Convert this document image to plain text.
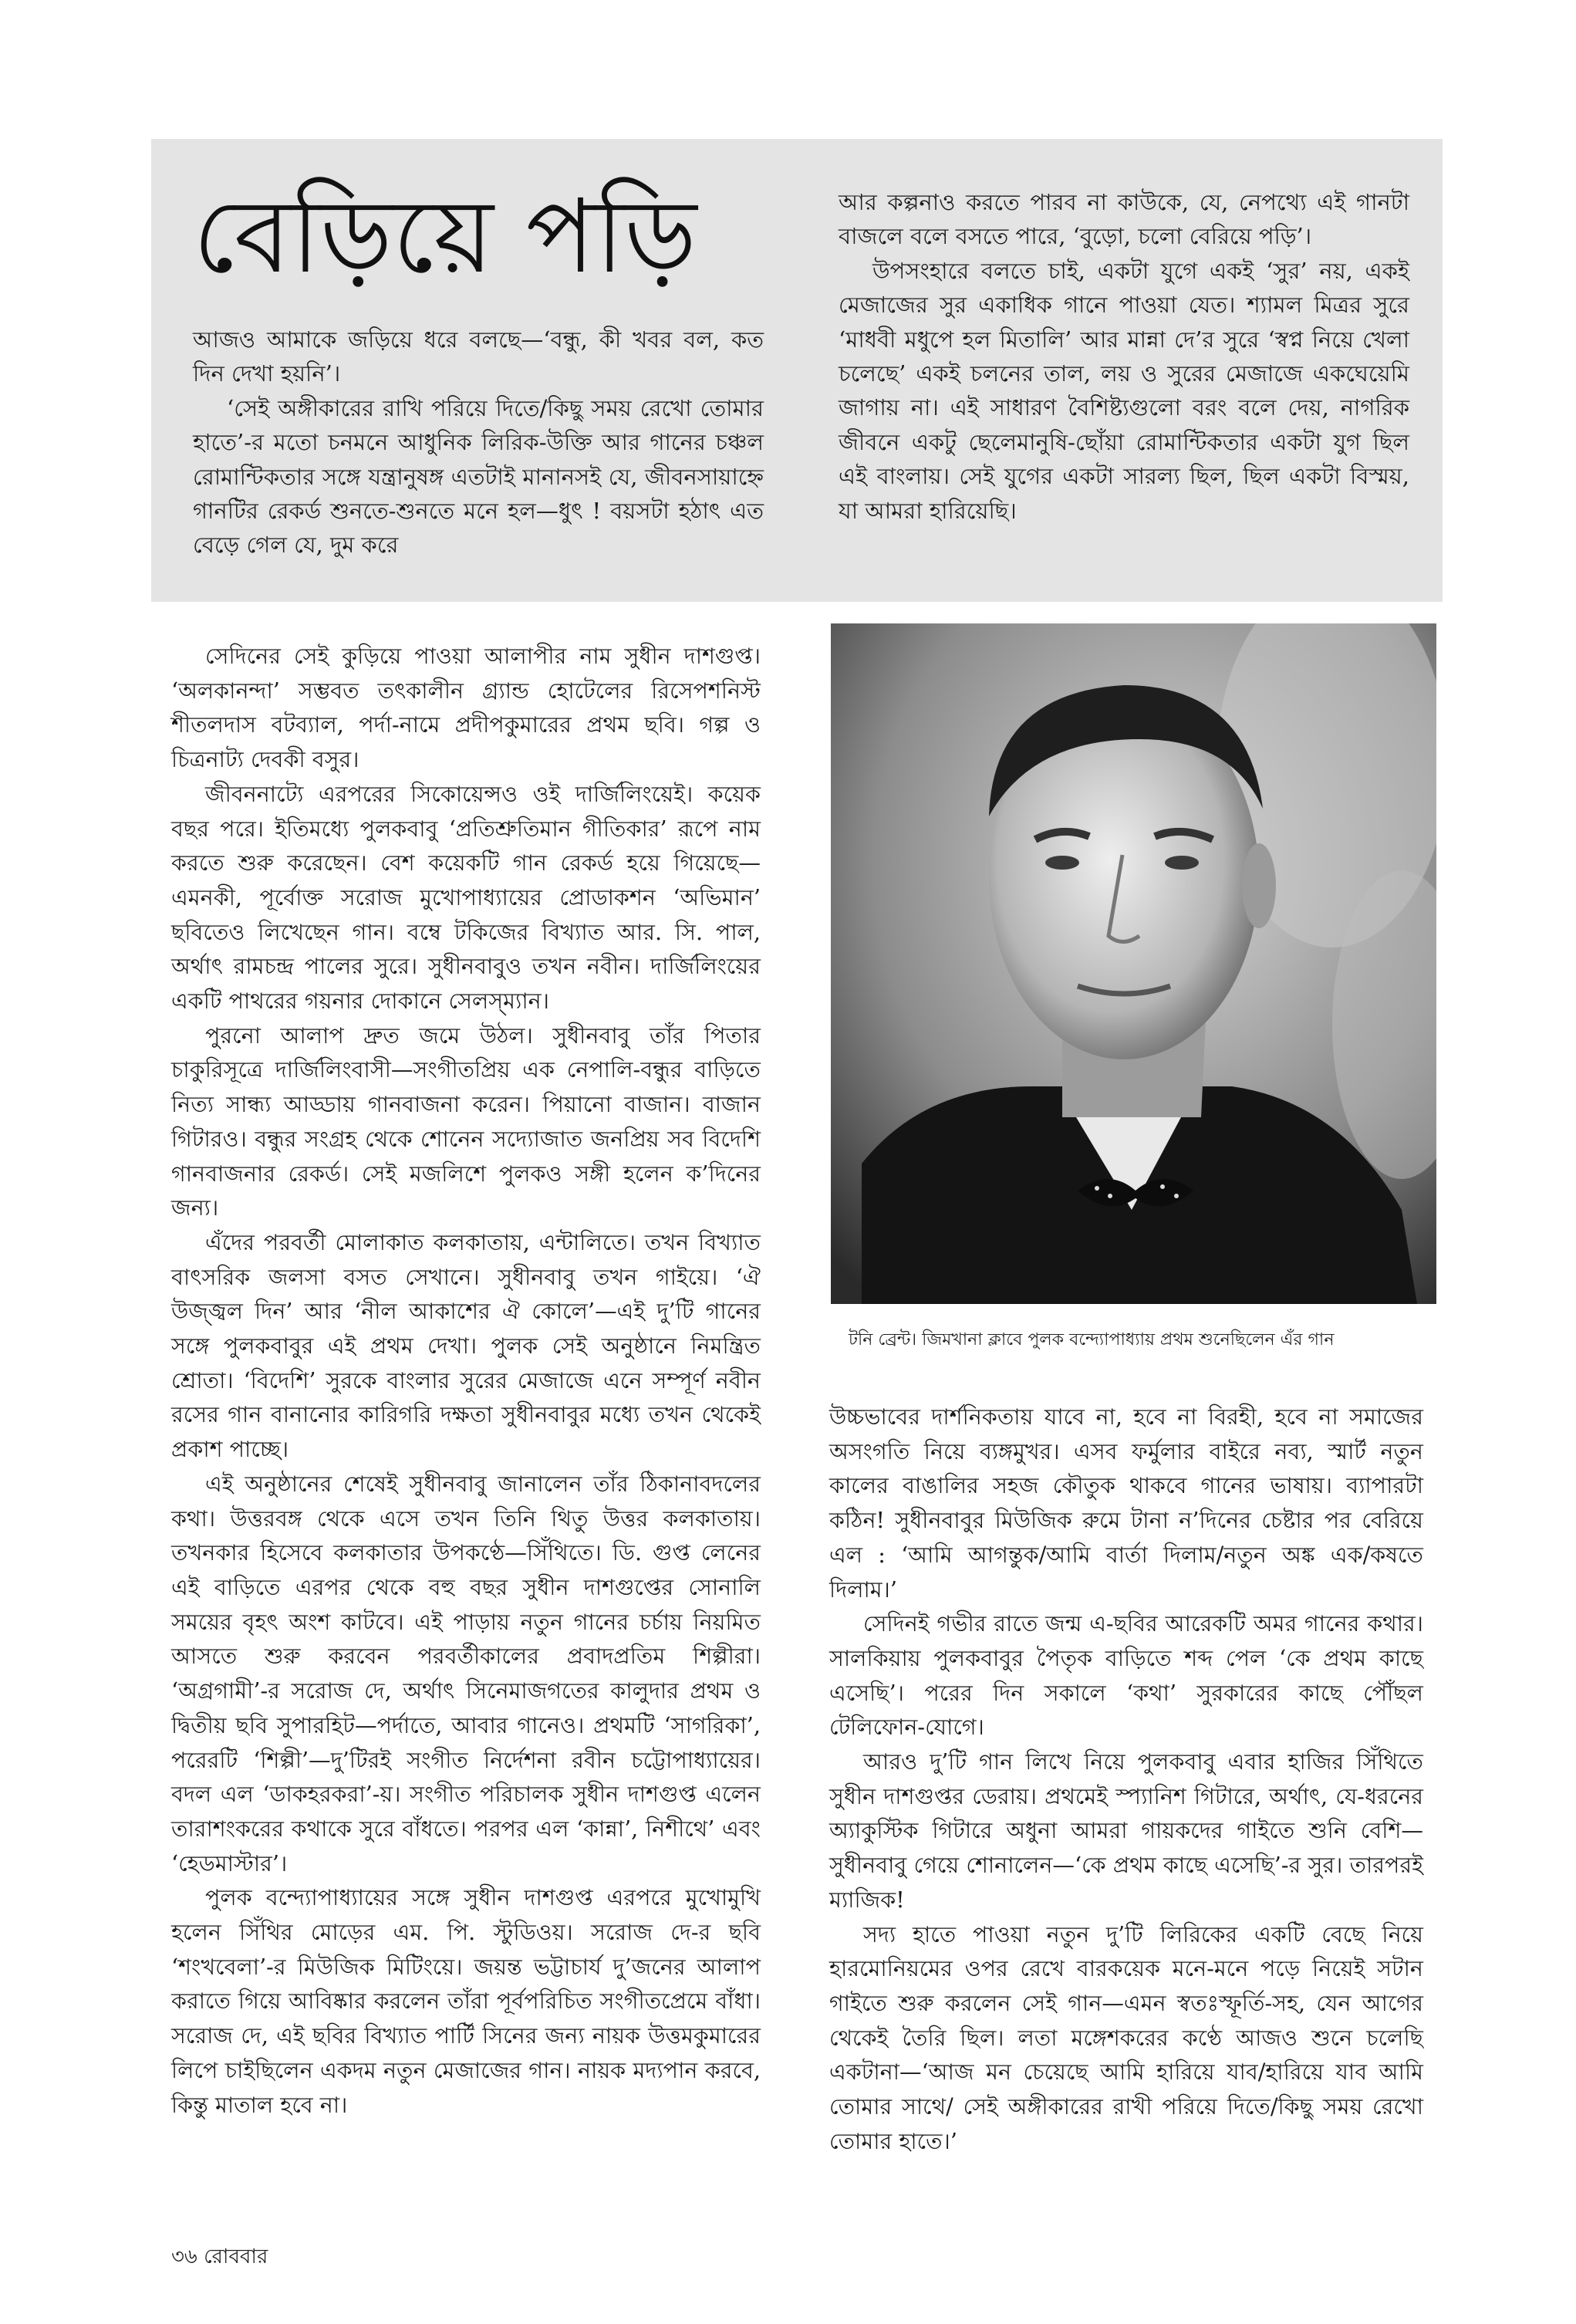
বেড়িয়ে পড়ি

আজও আমাকে জড়িয়ে ধরে বলছে—‘বন্ধু, কী খবর বল, কত দিন দেখা হয়নি’।

‘সেই অঙ্গীকারের রাখি পরিয়ে দিতে/কিছু সময় রেখো তোমার হাতে’-র মতো চনমনে আধুনিক লিরিক-উক্তি আর গানের চঞ্চল রোমান্টিকতার সঙ্গে যন্ত্রানুষঙ্গ এতটাই মানানসই যে, জীবনসায়াহ্নে গানটির রেকর্ড শুনতে-শুনতে মনে হল—ধুৎ ! বয়সটা হঠাৎ এত বেড়ে গেল যে, দুম করে

আর কল্পনাও করতে পারব না কাউকে, যে, নেপথ্যে এই গানটা বাজলে বলে বসতে পারে, ‘বুড়ো, চলো বেরিয়ে পড়ি’।

উপসংহারে বলতে চাই, একটা যুগে একই ‘সুর’ নয়, একই মেজাজের সুর একাধিক গানে পাওয়া যেত। শ্যামল মিত্রর সুরে ‘মাধবী মধুপে হল মিতালি’ আর মান্না দে’র সুরে ‘স্বপ্ন নিয়ে খেলা চলেছে’ একই চলনের তাল, লয় ও সুরের মেজাজে একঘেয়েমি জাগায় না। এই সাধারণ বৈশিষ্ট্যগুলো বরং বলে দেয়, নাগরিক জীবনে একটু ছেলেমানুষি-ছোঁয়া রোমান্টিকতার একটা যুগ ছিল এই বাংলায়। সেই যুগের একটা সারল্য ছিল, ছিল একটা বিস্ময়, যা আমরা হারিয়েছি।

সেদিনের সেই কুড়িয়ে পাওয়া আলাপীর নাম সুধীন দাশগুপ্ত। ‘অলকানন্দা’ সম্ভবত তৎকালীন গ্র্যান্ড হোটেলের রিসেপশনিস্ট শীতলদাস বটব্যাল, পর্দা-নামে প্রদীপকুমারের প্রথম ছবি। গল্প ও চিত্রনাট্য দেবকী বসুর।

জীবননাট্যে এরপরের সিকোয়েন্সও ওই দার্জিলিংয়েই। কয়েক বছর পরে। ইতিমধ্যে পুলকবাবু ‘প্রতিশ্রুতিমান গীতিকার’ রূপে নাম করতে শুরু করেছেন। বেশ কয়েকটি গান রেকর্ড হয়ে গিয়েছে—এমনকী, পূর্বোক্ত সরোজ মুখোপাধ্যায়ের প্রোডাকশন ‘অভিমান’ ছবিতেও লিখেছেন গান। বম্বে টকিজের বিখ্যাত আর. সি. পাল, অর্থাৎ রামচন্দ্র পালের সুরে। সুধীনবাবুও তখন নবীন। দার্জিলিংয়ের একটি পাথরের গয়নার দোকানে সেলস্‌ম্যান।

পুরনো আলাপ দ্রুত জমে উঠল। সুধীনবাবু তাঁর পিতার চাকুরিসূত্রে দার্জিলিংবাসী—সংগীতপ্রিয় এক নেপালি-বন্ধুর বাড়িতে নিত্য সান্ধ্য আড্ডায় গানবাজনা করেন। পিয়ানো বাজান। বাজান গিটারও। বন্ধুর সংগ্রহ থেকে শোনেন সদ্যোজাত জনপ্রিয় সব বিদেশি গানবাজনার রেকর্ড। সেই মজলিশে পুলকও সঙ্গী হলেন ক’দিনের জন্য।

এঁদের পরবর্তী মোলাকাত কলকাতায়, এন্টালিতে। তখন বিখ্যাত বাৎসরিক জলসা বসত সেখানে। সুধীনবাবু তখন গাইয়ে। ‘ঐ উজ্জ্বল দিন’ আর ‘নীল আকাশের ঐ কোলে’—এই দু’টি গানের সঙ্গে পুলকবাবুর এই প্রথম দেখা। পুলক সেই অনুষ্ঠানে নিমন্ত্রিত শ্রোতা। ‘বিদেশি’ সুরকে বাংলার সুরের মেজাজে এনে সম্পূর্ণ নবীন রসের গান বানানোর কারিগরি দক্ষতা সুধীনবাবুর মধ্যে তখন থেকেই প্রকাশ পাচ্ছে।

এই অনুষ্ঠানের শেষেই সুধীনবাবু জানালেন তাঁর ঠিকানাবদলের কথা। উত্তরবঙ্গ থেকে এসে তখন তিনি থিতু উত্তর কলকাতায়। তখনকার হিসেবে কলকাতার উপকণ্ঠে—সিঁথিতে। ডি. গুপ্ত লেনের এই বাড়িতে এরপর থেকে বহু বছর সুধীন দাশগুপ্তের সোনালি সময়ের বৃহৎ অংশ কাটবে। এই পাড়ায় নতুন গানের চর্চায় নিয়মিত আসতে শুরু করবেন পরবর্তীকালের প্রবাদপ্রতিম শিল্পীরা। ‘অগ্রগামী’-র সরোজ দে, অর্থাৎ সিনেমাজগতের কালুদার প্রথম ও দ্বিতীয় ছবি সুপারহিট—পর্দাতে, আবার গানেও। প্রথমটি ‘সাগরিকা’, পরেরটি ‘শিল্পী’—দু’টিরই সংগীত নির্দেশনা রবীন চট্টোপাধ্যায়ের। বদল এল ‘ডাকহরকরা’-য়। সংগীত পরিচালক সুধীন দাশগুপ্ত এলেন তারাশংকরের কথাকে সুরে বাঁধতে। পরপর এল ‘কান্না’, নিশীথে’ এবং ‘হেডমাস্টার’।

পুলক বন্দ্যোপাধ্যায়ের সঙ্গে সুধীন দাশগুপ্ত এরপরে মুখোমুখি হলেন সিঁথির মোড়ের এম. পি. স্টুডিওয়। সরোজ দে-র ছবি ‘শংখবেলা’-র মিউজিক মিটিংয়ে। জয়ন্ত ভট্টাচার্য দু’জনের আলাপ করাতে গিয়ে আবিষ্কার করলেন তাঁরা পূর্বপরিচিত সংগীতপ্রেমে বাঁধা। সরোজ দে, এই ছবির বিখ্যাত পার্টি সিনের জন্য নায়ক উত্তমকুমারের লিপে চাইছিলেন একদম নতুন মেজাজের গান। নায়ক মদ্যপান করবে, কিন্তু মাতাল হবে না।

টনি ব্রেন্ট। জিমখানা ক্লাবে পুলক বন্দ্যোপাধ্যায় প্রথম শুনেছিলেন এঁর গান

উচ্চভাবের দার্শনিকতায় যাবে না, হবে না বিরহী, হবে না সমাজের অসংগতি নিয়ে ব্যঙ্গমুখর। এসব ফর্মুলার বাইরে নব্য, স্মার্ট নতুন কালের বাঙালির সহজ কৌতুক থাকবে গানের ভাষায়। ব্যাপারটা কঠিন! সুধীনবাবুর মিউজিক রুমে টানা ন’দিনের চেষ্টার পর বেরিয়ে এল : ‘আমি আগন্তুক/আমি বার্তা দিলাম/নতুন অঙ্ক এক/কষতে দিলাম।’

সেদিনই গভীর রাতে জন্ম এ-ছবির আরেকটি অমর গানের কথার। সালকিয়ায় পুলকবাবুর পৈতৃক বাড়িতে শব্দ পেল ‘কে প্রথম কাছে এসেছি’। পরের দিন সকালে ‘কথা’ সুরকারের কাছে পৌঁছল টেলিফোন-যোগে।

আরও দু’টি গান লিখে নিয়ে পুলকবাবু এবার হাজির সিঁথিতে সুধীন দাশগুপ্তর ডেরায়। প্রথমেই স্প্যানিশ গিটারে, অর্থাৎ, যে-ধরনের অ্যাকুস্টিক গিটারে অধুনা আমরা গায়কদের গাইতে শুনি বেশি—সুধীনবাবু গেয়ে শোনালেন—‘কে প্রথম কাছে এসেছি’-র সুর। তারপরই ম্যাজিক!

সদ্য হাতে পাওয়া নতুন দু’টি লিরিকের একটি বেছে নিয়ে হারমোনিয়মের ওপর রেখে বারকয়েক মনে-মনে পড়ে নিয়েই সটান গাইতে শুরু করলেন সেই গান—এমন স্বতঃস্ফূর্তি-সহ, যেন আগের থেকেই তৈরি ছিল। লতা মঙ্গেশকরের কণ্ঠে আজও শুনে চলেছি একটানা—‘আজ মন চেয়েছে আমি হারিয়ে যাব/হারিয়ে যাব আমি তোমার সাথে/ সেই অঙ্গীকারের রাখী পরিয়ে দিতে/কিছু সময় রেখো তোমার হাতে।’

৩৬ রোববার
